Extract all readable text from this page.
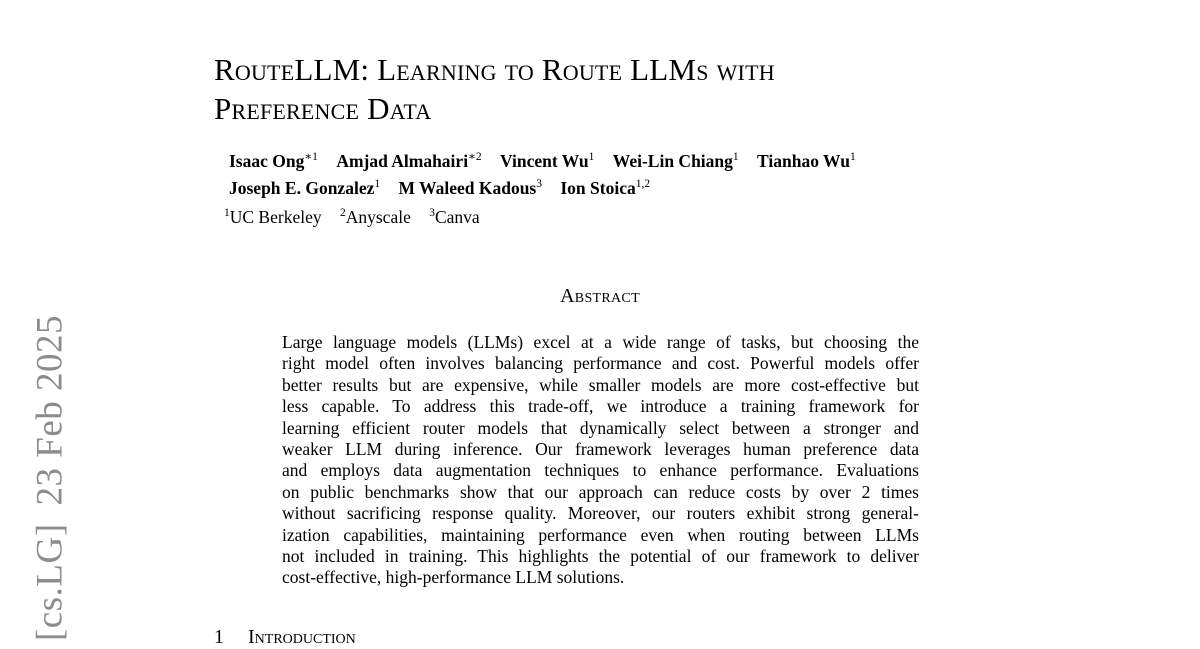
[cs.LG]23 Feb 2025
RouteLLM: Learning to Route LLMs with
Preference Data
Isaac Ong$^{∗1}$ Amjad Almahairi$^{∗2}$ Vincent Wu$^1$ Wei-Lin Chiang$^1$ Tianhao Wu$^1$
Joseph E. Gonzalez$^1$ M Waleed Kadous$^3$ Ion Stoica$^{1,2}$
$^1$UC Berkeley $^2$Anyscale $^3$Canva
Abstract
Large language models (LLMs) excel at a wide range of tasks, but choosing the
right model often involves balancing performance and cost. Powerful models offer
better results but are expensive, while smaller models are more cost-effective but
less capable. To address this trade-off, we introduce a training framework for
learning efficient router models that dynamically select between a stronger and
weaker LLM during inference. Our framework leverages human preference data
and employs data augmentation techniques to enhance performance. Evaluations
on public benchmarks show that our approach can reduce costs by over 2 times
without sacrificing response quality. Moreover, our routers exhibit strong general-
ization capabilities, maintaining performance even when routing between LLMs
not included in training. This highlights the potential of our framework to deliver
cost-effective, high-performance LLM solutions.
1 Introduction
